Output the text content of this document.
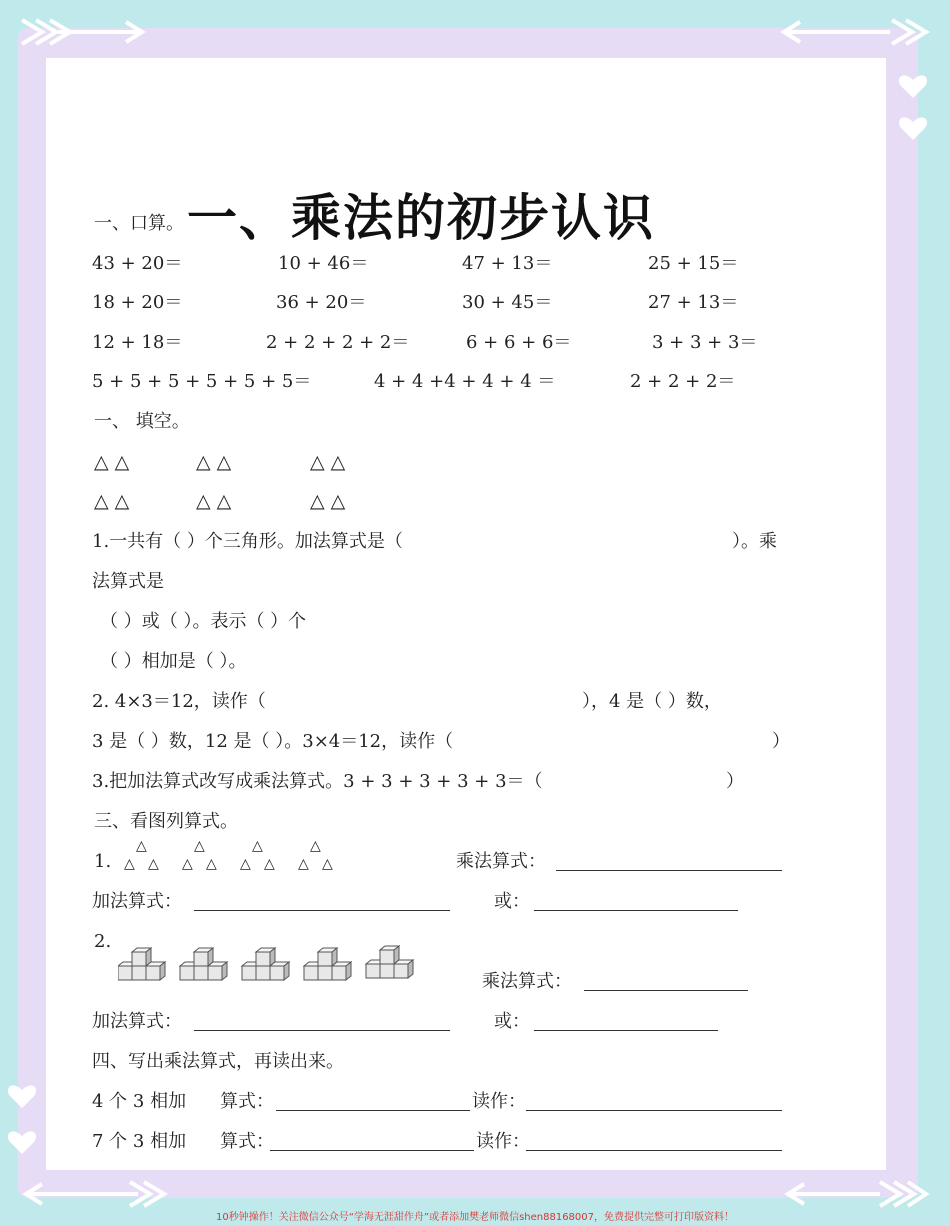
一、乘法的初步认识
一、口算。
43 + 20＝	10 + 46＝	47 + 13＝	25 + 15＝
18 + 20＝	36 + 20＝	30 + 45＝	27 + 13＝
12 + 18＝	2 + 2 + 2 + 2＝	6 + 6 + 6＝	3 + 3 + 3＝
5 + 5 + 5 + 5 + 5 + 5＝	4 + 4 +4 + 4 + 4 ＝	2 + 2 + 2＝
一、 填空。
△ △	△ △	△ △
△ △	△ △	△ △
1.一共有（ ）个三角形。加法算式是（	）。乘
法算式是
（ ）或（ ）。表示（ ）个
（ ）相加是（ ）。
2. 4×3＝12，读作（	），4 是（ ）数，
3 是（ ）数，12 是（ ）。3×4＝12，读作（	）
3.把加法算式改写成乘法算式。3 + 3 + 3 + 3 + 3＝（	）
三、看图列算式。
1.
△
△ △
△
△ △
△
△ △
△
△ △	乘法算式：
加法算式：	或：
2.
乘法算式：
加法算式：	或：
四、写出乘法算式，再读出来。
4 个 3 相加 算式：	读作：
7 个 3 相加 算式：	读作：
10秒钟操作！关注微信公众号“学海无涯甜作舟”或者添加樊老师微信shen88168007，免费提供完整可打印版资料！
